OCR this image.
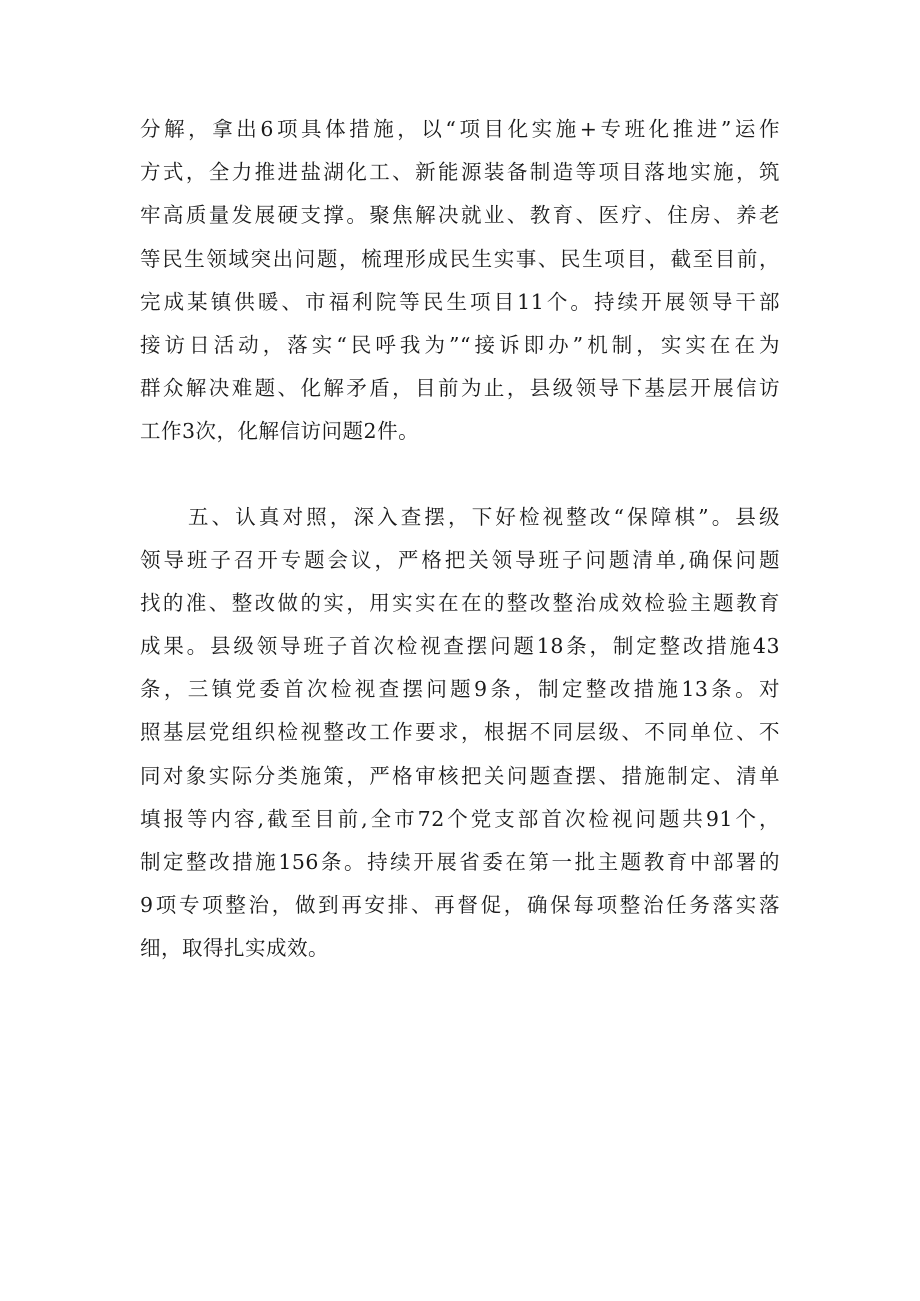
分解，拿出6项具体措施，以“项目化实施+专班化推进”运作
方式，全力推进盐湖化工、新能源装备制造等项目落地实施，筑
牢高质量发展硬支撑。聚焦解决就业、教育、医疗、住房、养老
等民生领域突出问题，梳理形成民生实事、民生项目，截至目前，
完成某镇供暖、市福利院等民生项目11个。持续开展领导干部
接访日活动，落实“民呼我为”“接诉即办”机制，实实在在为
群众解决难题、化解矛盾，目前为止，县级领导下基层开展信访
工作3次，化解信访问题2件。
五、认真对照，深入查摆，下好检视整改“保障棋”。县级
领导班子召开专题会议，严格把关领导班子问题清单,确保问题
找的准、整改做的实，用实实在在的整改整治成效检验主题教育
成果。县级领导班子首次检视查摆问题18条，制定整改措施43
条，三镇党委首次检视查摆问题9条，制定整改措施13条。对
照基层党组织检视整改工作要求，根据不同层级、不同单位、不
同对象实际分类施策，严格审核把关问题查摆、措施制定、清单
填报等内容,截至目前,全市72个党支部首次检视问题共91个，
制定整改措施156条。持续开展省委在第一批主题教育中部署的
9项专项整治，做到再安排、再督促，确保每项整治任务落实落
细，取得扎实成效。
